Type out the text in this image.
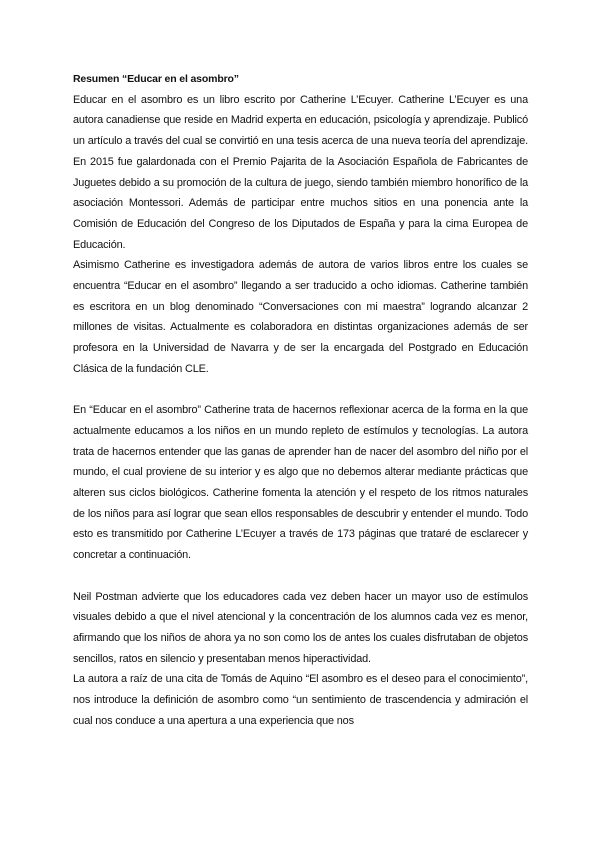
Resumen “Educar en el asombro”

Educar en el asombro es un libro escrito por Catherine L’Ecuyer. Catherine L’Ecuyer es una autora canadiense que reside en Madrid experta en educación, psicología y aprendizaje. Publicó un artículo a través del cual se convirtió en una tesis acerca de una nueva teoría del aprendizaje. En 2015 fue galardonada con el Premio Pajarita de la Asociación Española de Fabricantes de Juguetes debido a su promoción de la cultura de juego, siendo también miembro honorífico de la asociación Montessori. Además de participar entre muchos sitios en una ponencia ante la Comisión de Educación del Congreso de los Diputados de España y para la cima Europea de Educación.

Asimismo Catherine es investigadora además de autora de varios libros entre los cuales se encuentra “Educar en el asombro” llegando a ser traducido a ocho idiomas. Catherine también es escritora en un blog denominado “Conversaciones con mi maestra” logrando alcanzar 2 millones de visitas. Actualmente es colaboradora en distintas organizaciones además de ser profesora en la Universidad de Navarra y de ser la encargada del Postgrado en Educación Clásica de la fundación CLE.

En “Educar en el asombro” Catherine trata de hacernos reflexionar acerca de la forma en la que actualmente educamos a los niños en un mundo repleto de estímulos y tecnologías. La autora trata de hacernos entender que las ganas de aprender han de nacer del asombro del niño por el mundo, el cual proviene de su interior y es algo que no debemos alterar mediante prácticas que alteren sus ciclos biológicos. Catherine fomenta la atención y el respeto de los ritmos naturales de los niños para así lograr que sean ellos responsables de descubrir y entender el mundo. Todo esto es transmitido por Catherine L’Ecuyer a través de 173 páginas que trataré de esclarecer y concretar a continuación.

Neil Postman advierte que los educadores cada vez deben hacer un mayor uso de estímulos visuales debido a que el nivel atencional y la concentración de los alumnos cada vez es menor, afirmando que los niños de ahora ya no son como los de antes los cuales disfrutaban de objetos sencillos, ratos en silencio y presentaban menos hiperactividad.

La autora a raíz de una cita de Tomás de Aquino “El asombro es el deseo para el conocimiento”, nos introduce la definición de asombro como “un sentimiento de trascendencia y admiración el cual nos conduce a una apertura a una experiencia que nos
